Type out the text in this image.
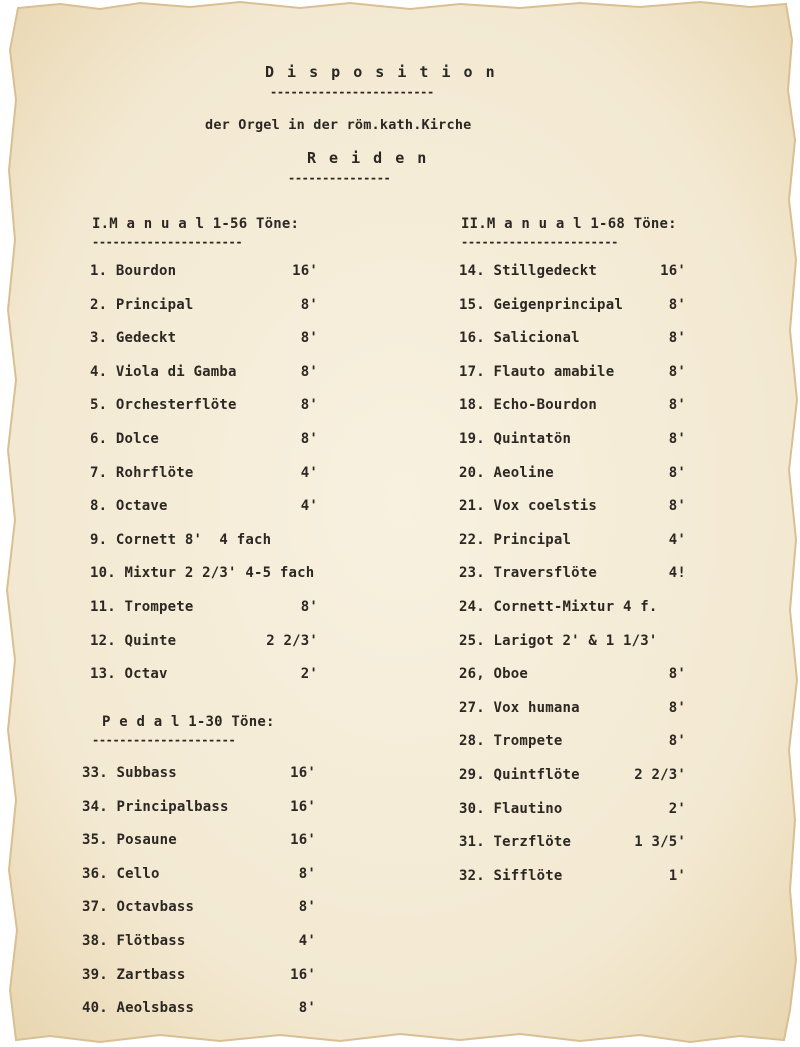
D i s p o s i t i o n
------------------------
der Orgel in der röm.kath.Kirche
R e i d e n
---------------
I.M a n u a l 1-56 Töne:
----------------------
1. Bourdon	16'
2. Principal	8'
3. Gedeckt	8'
4. Viola di Gamba	8'
5. Orchesterflöte	8'
6. Dolce	8'
7. Rohrflöte	4'
8. Octave	4'
9. Cornett 8'  4 fach
10. Mixtur 2 2/3' 4-5 fach
11. Trompete	8'
12. Quinte	2 2/3'
13. Octav	2'
P e d a l 1-30 Töne:
---------------------
33. Subbass	16'
34. Principalbass	16'
35. Posaune	16'
36. Cello	8'
37. Octavbass	8'
38. Flötbass	4'
39. Zartbass	16'
40. Aeolsbass	8'
II.M a n u a l 1-68 Töne:
-----------------------
14. Stillgedeckt	16'
15. Geigenprincipal	8'
16. Salicional	8'
17. Flauto amabile	8'
18. Echo-Bourdon	8'
19. Quintatön	8'
20. Aeoline	8'
21. Vox coelstis	8'
22. Principal	4'
23. Traversflöte	4!
24. Cornett-Mixtur 4 f.
25. Larigot 2' & 1 1/3'
26, Oboe	8'
27. Vox humana	8'
28. Trompete	8'
29. Quintflöte	2 2/3'
30. Flautino	2'
31. Terzflöte	1 3/5'
32. Sifflöte	1'
